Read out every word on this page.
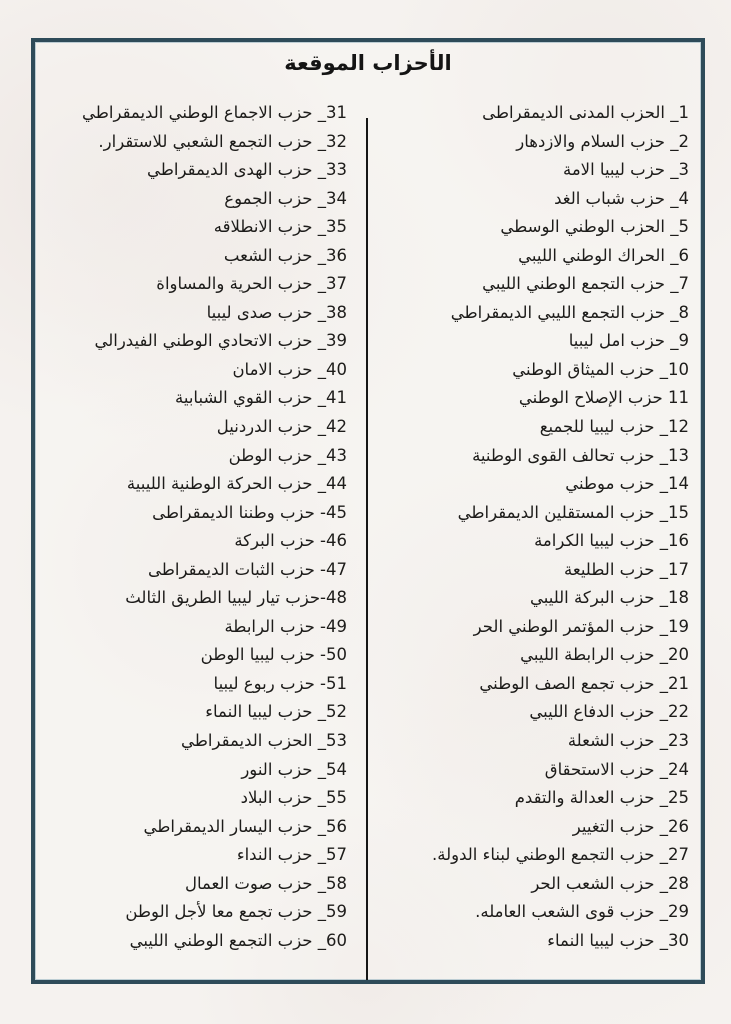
الأحزاب الموقعة
1_ الحزب المدنى الديمقراطى
2_ حزب السلام والازدهار
3_ حزب ليبيا الامة
4_ حزب شباب الغد
5_ الحزب الوطني الوسطي
6_ الحراك الوطني الليبي
7_ حزب التجمع الوطني الليبي
8_ حزب التجمع الليبي الديمقراطي
9_ حزب امل ليبيا
10_ حزب الميثاق الوطني
11 حزب الإصلاح الوطني
12_ حزب ليبيا للجميع
13_ حزب تحالف القوى الوطنية
14_ حزب موطني
15_ حزب المستقلين الديمقراطي
16_ حزب ليبيا الكرامة
17_ حزب الطليعة
18_ حزب البركة الليبي
19_ حزب المؤتمر الوطني الحر
20_ حزب الرابطة الليبي
21_ حزب تجمع الصف الوطني
22_ حزب الدفاع الليبي
23_ حزب الشعلة
24_ حزب الاستحقاق
25_ حزب العدالة والتقدم
26_ حزب التغيير
27_ حزب التجمع الوطني لبناء الدولة.
28_ حزب الشعب الحر
29_ حزب قوى الشعب العامله.
30_ حزب ليبيا النماء
31_ حزب الاجماع الوطني الديمقراطي
32_ حزب التجمع الشعبي للاستقرار.
33_ حزب الهدى الديمقراطي
34_ حزب الجموع
35_ حزب الانطلاقه
36_ حزب الشعب
37_ حزب الحرية والمساواة
38_ حزب صدى ليبيا
39_ حزب الاتحادي الوطني الفيدرالي
40_ حزب الامان
41_ حزب القوي الشبابية
42_ حزب الدردنيل
43_ حزب الوطن
44_ حزب الحركة الوطنية الليبية
45- حزب وطننا الديمقراطى
46- حزب البركة
47- حزب الثبات الديمقراطى
48-حزب تيار ليبيا الطريق الثالث
49- حزب الرابطة
50- حزب ليبيا الوطن
51- حزب ربوع ليبيا
52_ حزب ليبيا النماء
53_ الحزب الديمقراطي
54_ حزب النور
55_ حزب البلاد
56_ حزب اليسار الديمقراطي
57_ حزب النداء
58_ حزب صوت العمال
59_ حزب تجمع معا لأجل الوطن
60_ حزب التجمع الوطني الليبي
